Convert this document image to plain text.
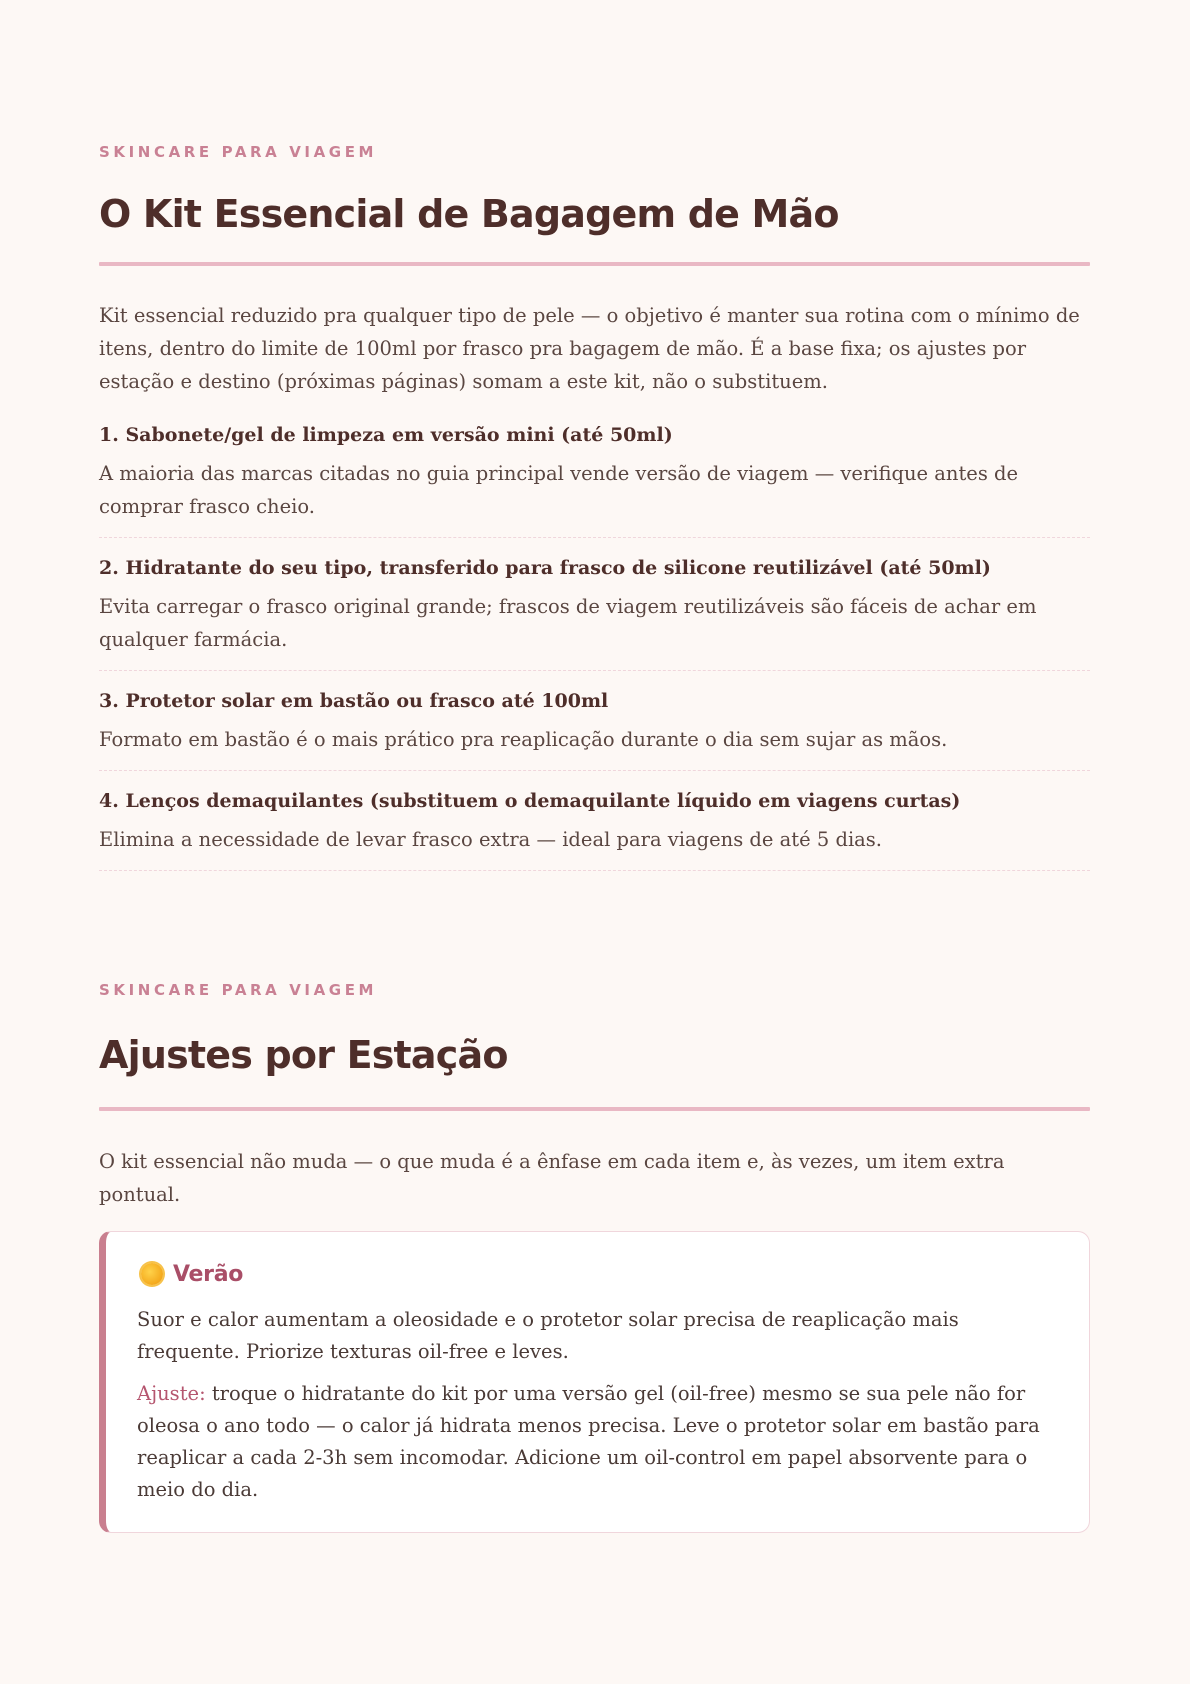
SKINCARE PARA VIAGEM

O Kit Essencial de Bagagem de Mão

Kit essencial reduzido pra qualquer tipo de pele — o objetivo é manter sua rotina com o mínimo de itens, dentro do limite de 100ml por frasco pra bagagem de mão. É a base fixa; os ajustes por estação e destino (próximas páginas) somam a este kit, não o substituem.

1. Sabonete/gel de limpeza em versão mini (até 50ml)

A maioria das marcas citadas no guia principal vende versão de viagem — verifique antes de comprar frasco cheio.

2. Hidratante do seu tipo, transferido para frasco de silicone reutilizável (até 50ml)

Evita carregar o frasco original grande; frascos de viagem reutilizáveis são fáceis de achar em qualquer farmácia.

3. Protetor solar em bastão ou frasco até 100ml

Formato em bastão é o mais prático pra reaplicação durante o dia sem sujar as mãos.

4. Lenços demaquilantes (substituem o demaquilante líquido em viagens curtas)

Elimina a necessidade de levar frasco extra — ideal para viagens de até 5 dias.

SKINCARE PARA VIAGEM

Ajustes por Estação

O kit essencial não muda — o que muda é a ênfase em cada item e, às vezes, um item extra pontual.

Verão

Suor e calor aumentam a oleosidade e o protetor solar precisa de reaplicação mais frequente. Priorize texturas oil-free e leves.

Ajuste: troque o hidratante do kit por uma versão gel (oil-free) mesmo se sua pele não for oleosa o ano todo — o calor já hidrata menos precisa. Leve o protetor solar em bastão para reaplicar a cada 2-3h sem incomodar. Adicione um oil-control em papel absorvente para o meio do dia.
